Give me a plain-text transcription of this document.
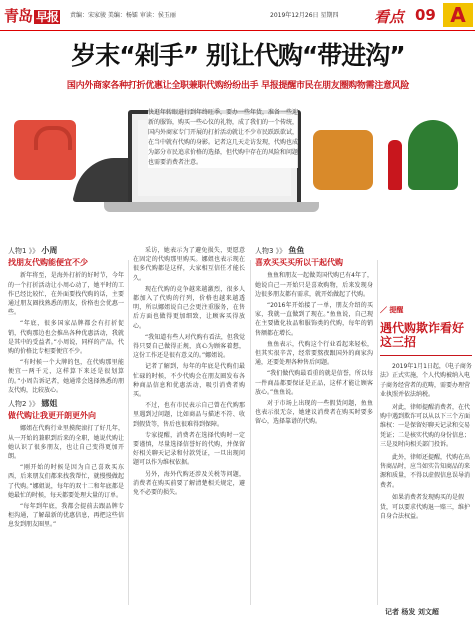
青岛 早报	责编：宋家骏 美编：杨镭 审读：侯玉丽	2019年12月26日 星期四 看点 09 A
岁末“剁手” 别让代购“带进沟”
国内外商家各种打折优惠让全职兼职代购纷纷出手 早报提醒市民在朋友圈购物需注意风险
快逛年转眼进行到年终旺季，要办一些年货，准备一些迎新的服饰，购买一些心仪的礼物，成了我们的一个传统，国内外商家专门开展的打折活动就让不少市民跃跃欲试，在当中就有代购的身影。记者这几天走访发现，代购也成为部分市民追求价格的选择，但代购中存在的风险和问题也需要消费者注意。
人物1 》》 小周
找朋友代购能便宜不少

新年将至，是海外打折的好时节，今年的一个打折活动让小周心动了，她平时的工作已经比较忙，在外面要找代购的话，主要通过朋友圈找熟悉的朋友，价格也会优惠一些。

“年底，很多国家品牌都会有打折促销，代购那边也会推出各种优惠活动，我就是其中的受益者。”小周说，同样的产品，代购的价格比专柜要便宜不少。

“有时候一个大牌的包，在代购那里能便宜一两千元，这样算下来还是很划算的。”小周告诉记者，她通常会选择熟悉的朋友代购，比较放心。

人物2 》》 娜姐
做代购让我更开朗更外向

娜姐在代购行业里摸爬滚打了好几年，从一开始的兼职到后来的全职，她说代购让她认识了很多朋友，也让自己变得更加开朗。

“刚开始的时候是因为自己喜欢买东西，后来朋友们都来找我帮忙，就慢慢做起了代购。”娜姐说，每年的双十二和年底都是她最忙的时候，每天都要处理大量的订单。

“每年到年底，我都会提前去跟品牌专柜沟通，了解最新的优惠信息，再把这些信息发到朋友圈里。”

采访，她表示为了避免损失，更愿意在固定的代购那里购买。娜姐也表示现在很多代购都是这样，大家相互信任才能长久。

现在代购的竞争越来越激烈，很多人都加入了代购的行列，价格也越来越透明，所以娜姐说自己会更注重服务，在售后方面也做得更加细致，让顾客买得放心。

“我知道有些人对代购有看法，但我觉得只要自己做得正规，真心为顾客着想，这份工作还是很有意义的。”娜姐说。

记者了解到，每年的年底是代购们最忙碌的时候，不少代购会在朋友圈发布各种商品信息和优惠活动，吸引消费者购买。

不过，也有市民表示自己曾在代购那里遇到过问题，比如商品与描述不符、收到假货等，售后也很难得到保障。

专家提醒，消费者在选择代购时一定要谨慎，尽量选择信誉好的代购，并保留好相关聊天记录和付款凭证，一旦出现问题可以作为维权依据。

另外，海外代购还涉及关税等问题，消费者在购买前要了解清楚相关规定，避免不必要的损失。

人物3 》》 鱼鱼
喜欢买买买所以干起代购

鱼鱼和朋友一起做美国代购已有4年了，她说自己一开始只是喜欢购物，后来发现身边很多朋友都有需求，就开始做起了代购。

“2016年开始接了一单，朋友介绍的买家，我就一直做到了现在。”鱼鱼说，自己现在主要做化妆品和服饰类的代购，每年的销售额都在增长。

鱼鱼表示，代购这个行业看起来轻松，但其实很辛苦，经常要熬夜跟国外的商家沟通，还要处理各种售后问题。

“我们做代购最看重的就是信誉，所以每一件商品都要保证是正品，这样才能让顾客放心。”鱼鱼说。

对于市场上出现的一些假货问题，鱼鱼也表示很无奈，她建议消费者在购买时要多留心，选择靠谱的代购。

／ 提醒
遇代购欺诈看好这三招

2019年1月1日起，《电子商务法》正式实施，个人代购被纳入电子商务经营者的范畴，需要办理营业执照并依法纳税。

对此，律师提醒消费者，在代购中遇到欺诈可以从以下三个方面维权：一是保留好聊天记录和交易凭证；二是核实代购的身份信息；三是及时向相关部门投诉。

此外，律师还提醒，代购在出售商品时，应当如实告知商品的来源和质量，不得以虚假信息误导消费者。

如果消费者发现购买的是假货，可以要求代购退一赔三，维护自身合法权益。

记者 杨发 刘文超
